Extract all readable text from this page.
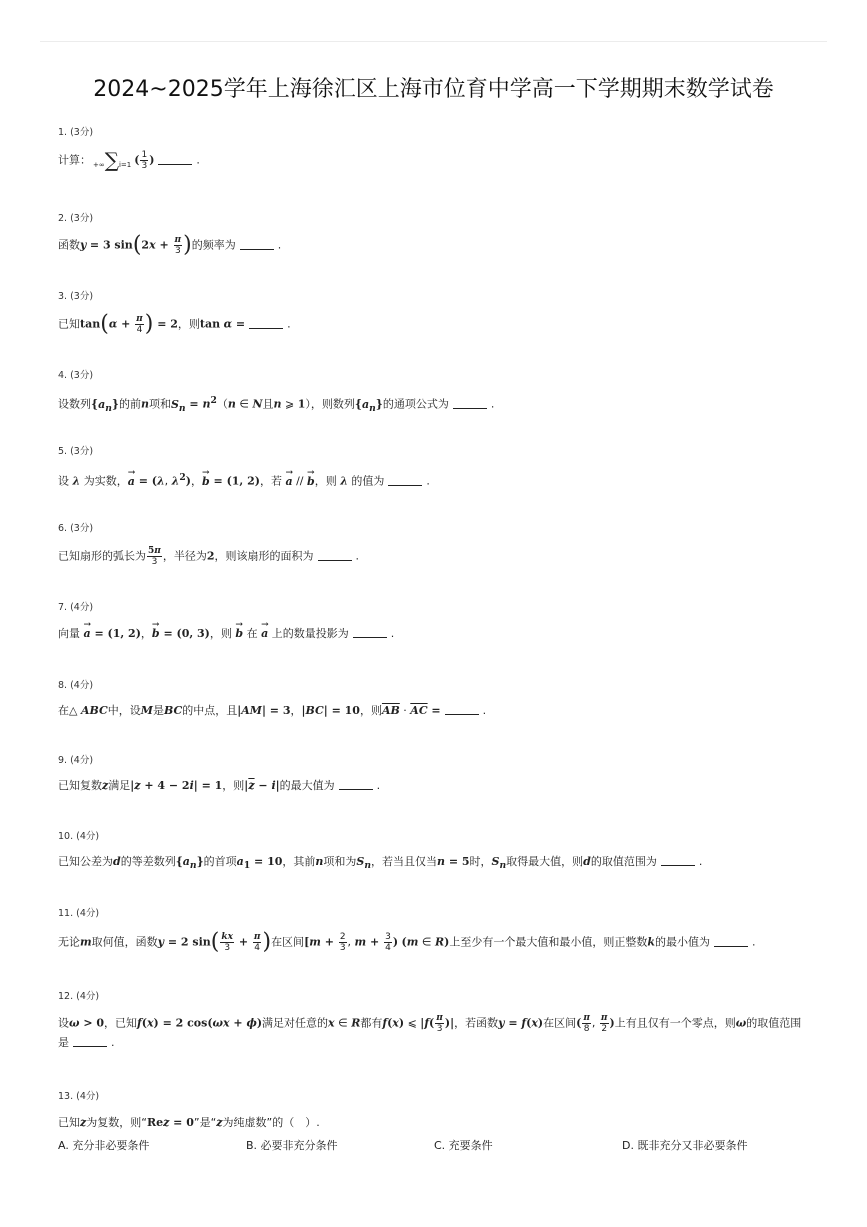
2024~2025学年上海徐汇区上海市位育中学高一下学期期末数学试卷
1. (3分)
计算： +∞∑i=1 ( $\frac{1}{3}$ )	.
2. (3分)
函数y = 3 $\sin(2x + \frac{\pi}{3}$ )的频率为	.
3. (3分)
已知$\tan(\alpha + \frac{\pi}{4}$ ) = 2，则tan α =	.
4. (3分)
设数列$\{a_n\}$的前n项和$S_n = n^2(n$ ∈ N且n ⩾ 1），则数列$\{a_n\}$的通项公式为	.
5. (3分)
设 λ 为实数，→ a = (λ, $\lambda^2$)，→ b = (1, 2)，若 → a // → b，则 λ 的值为	.
6. (3分)
已知扇形的弧长为 $\frac{5\pi}{3}$ ，半径为2，则该扇形的面积为	.
7. (4分)
向量 → a = (1, 2)，→ b = (0, 3)，则 → b 在 → a 上的数量投影为	.
8. (4分)
在△ ABC中，设M是BC的中点，且|AM| = 3，|BC| = 10，则$\overline{AB} \cdot \overline{AC}$ =	.
9. (4分)
已知复数z满足|z + 4 − 2i| = 1，则$|\overline{z} - i|$的最大值为	.
10. (4分)
已知公差为d的等差数列$\{a_n\}$的首项$a_1 = 10$，其前n项和为$S_n$，若当且仅当n = 5时，$S_n$取得最大值，则d的取值范围为	.
11. (4分)
无论m取何值，函数y = 2 $\sin( \frac{kx}{3} + \frac{\pi}{4}$ )在区间[$m + \frac{2}{3}$ , $m + \frac{3}{4}$ ) (m ∈ R)上至少有一个最大值和最小值，则正整数k的最小值为	.
12. (4分)
设ω > 0，已知f(x) = 2 cos(ωx + ϕ)满足对任意的x ∈ R都有f(x) ⩽ $|f( \frac{\pi}{3}$ )|，若函数y = f(x)在区间( $\frac{\pi}{8}$ , $\frac{\pi}{2}$ )上有且仅有一个零点，则ω的取值范围是	.
13. (4分)
已知z为复数，则“Rez = 0”是“z为纯虚数”的（　）.
A. 充分非必要条件	B. 必要非充分条件	C. 充要条件	D. 既非充分又非必要条件
